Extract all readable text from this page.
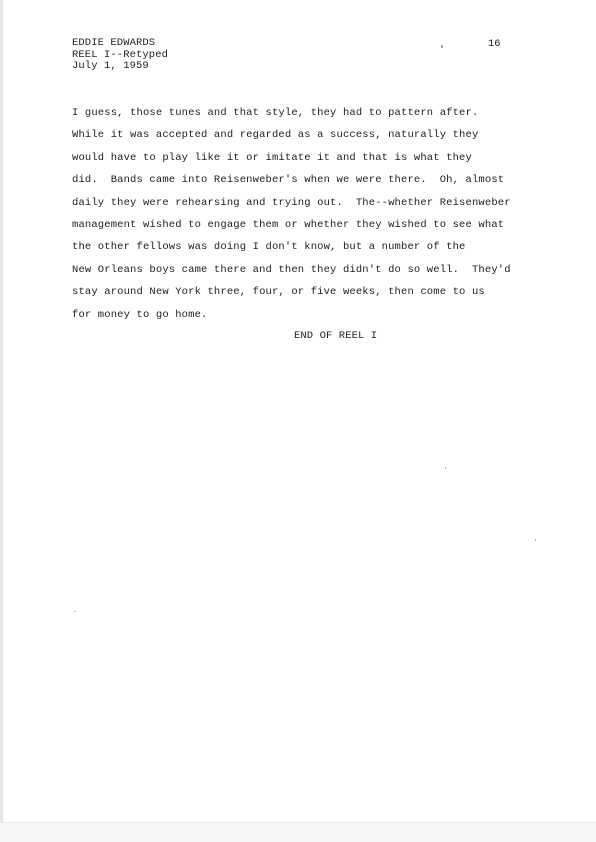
EDDIE EDWARDS
REEL I--Retyped
July 1, 1959
16
I guess, those tunes and that style, they had to pattern after.
While it was accepted and regarded as a success, naturally they
would have to play like it or imitate it and that is what they
did.  Bands came into Reisenweber's when we were there.  Oh, almost
daily they were rehearsing and trying out.  The--whether Reisenweber
management wished to engage them or whether they wished to see what
the other fellows was doing I don't know, but a number of the
New Orleans boys came there and then they didn't do so well.  They'd
stay around New York three, four, or five weeks, then come to us
for money to go home.
END OF REEL I
